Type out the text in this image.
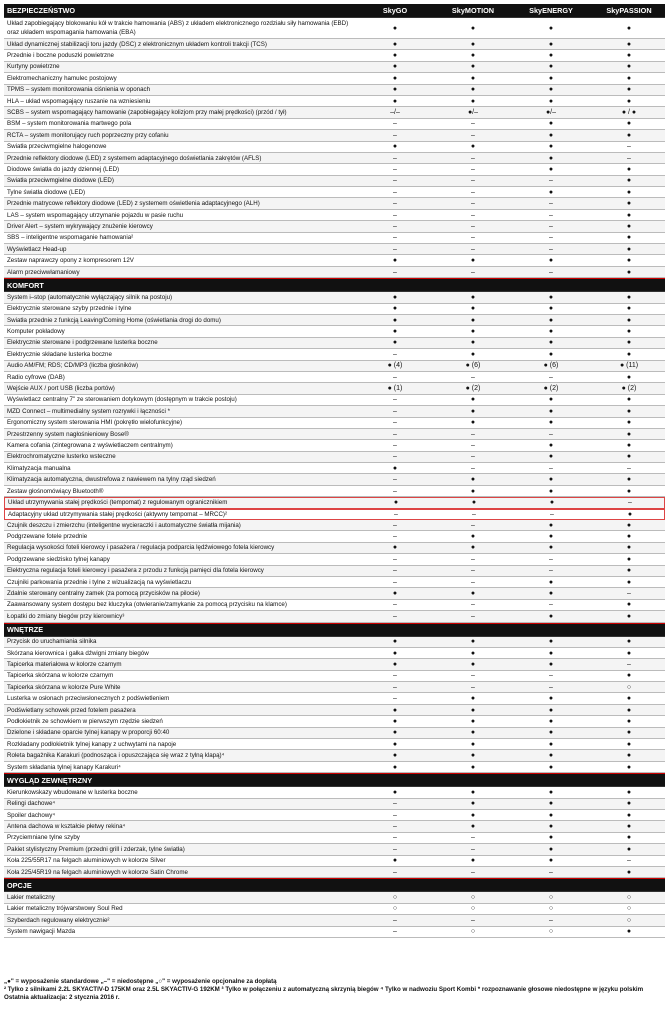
BEZPIECZEŃSTWO	SkyGO	SkyMOTION	SkyENERGY	SkyPASSION
Układ zapobiegający blokowaniu kół w trakcie hamowania (ABS) z układem elektronicznego rozdziału siły hamowania (EBD) oraz układem wspomagania hamowania (EBA)
●	●	●	●
Układ dynamicznej stabilizacji toru jazdy (DSC) z elektronicznym układem kontroli trakcji (TCS)	●	●	●	●
Przednie i boczne poduszki powietrzne	●	●	●	●
Kurtyny powietrzne	●	●	●	●
Elektromechaniczny hamulec postojowy	●	●	●	●
TPMS – system monitorowania ciśnienia w oponach	●	●	●	●
HLA – układ wspomagający ruszanie na wzniesieniu	●	●	●	●
SCBS – system wspomagający hamowanie (zapobiegający kolizjom przy małej prędkości) (przód / tył)	–/–	●/–	●/–	● / ●
BSM – system monitorowania martwego pola	–	–	●	●
RCTA – system monitorujący ruch poprzeczny przy cofaniu	–	–	●	●
Światła przeciwmgielne halogenowe	●	●	●	–
Przednie reflektory diodowe (LED) z systemem adaptacyjnego doświetlania zakrętów (AFLS)	–	–	●	–
Diodowe światła do jazdy dziennej (LED)	–	–	●	●
Światła przeciwmgielne diodowe (LED)	–	–	–	●
Tylne światła diodowe (LED)	–	–	●	●
Przednie matrycowe reflektory diodowe (LED) z systemem oświetlenia adaptacyjnego (ALH)	–	–	–	●
LAS – system wspomagający utrzymanie pojazdu w pasie ruchu	–	–	–	●
Driver Alert – system wykrywający znużenie kierowcy	–	–	–	●
SBS – inteligentne wspomaganie hamowania²	–	–	–	●
Wyświetlacz Head-up	–	–	–	●
Zestaw naprawczy opony z kompresorem 12V	●	●	●	●
Alarm przeciwwłamaniowy	–	–	–	●
KOMFORT
System i–stop (automatycznie wyłączający silnik na postoju)	●	●	●	●
Elektrycznie sterowane szyby przednie i tylne	●	●	●	●
Światła przednie z funkcją Leaving/Coming Home (oświetlania drogi do domu)	●	●	●	●
Komputer pokładowy	●	●	●	●
Elektrycznie sterowane i podgrzewane lusterka boczne	●	●	●	●
Elektrycznie składane lusterka boczne	–	●	●	●
Audio AM/FM; RDS; CD/MP3 (liczba głośników)	● (4)	● (6)	● (6)	● (11)
Radio cyfrowe (DAB)	–	–	–	●
Wejście AUX / port USB (liczba portów)	● (1)	● (2)	● (2)	● (2)
Wyświetlacz centralny 7" ze sterowaniem dotykowym (dostępnym w trakcie postoju)	–	●	●	●
MZD Connect – multimedialny system rozrywki i łączności *	–	●	●	●
Ergonomiczny system sterowania HMI (pokrętło wielofunkcyjne)	–	●	●	●
Przestrzenny system nagłośnieniowy Bose®	–	–	–	●
Kamera cofania (zintegrowana z wyświetlaczem centralnym)	–	–	●	●
Elektrochromatyczne lusterko wsteczne	–	–	●	●
Klimatyzacja manualna	●	–	–	–
Klimatyzacja automatyczna, dwustrefowa z nawiewem na tylny rząd siedzeń	–	●	●	●
Zestaw głośnomówiący Bluetooth®	–	●	●	●
Układ utrzymywania stałej prędkości (tempomat) z regulowanym ogranicznikiem	●	●	●	–
Adaptacyjny układ utrzymywania stałej prędkości (aktywny tempomat – MRCC)²	–	–	–	●
Czujnik deszczu i zmierzchu (inteligentne wycieraczki i automatyczne światła mijania)	–	–	●	●
Podgrzewane fotele przednie	–	●	●	●
Regulacja wysokości foteli kierowcy i pasażera / regulacja podparcia lędźwiowego fotela kierowcy	●	●	●	●
Podgrzewane siedzisko tylnej kanapy	–	–	–	●
Elektryczna regulacja foteli kierowcy i pasażera z przodu z funkcją pamięci dla fotela kierowcy	–	–	–	●
Czujniki parkowania przednie i tylne z wizualizacją na wyświetlaczu	–	–	●	●
Zdalnie sterowany centralny zamek (za pomocą przycisków na pilocie)	●	●	●	–
Zaawansowany system dostępu bez kluczyka (otwieranie/zamykanie za pomocą przycisku na klamce)	–	–	–	●
Łopatki do zmiany biegów przy kierownicy³	–	–	●	●
WNĘTRZE
Przycisk do uruchamiania silnika	●	●	●	●
Skórzana kierownica i gałka dźwigni zmiany biegów	●	●	●	●
Tapicerka materiałowa w kolorze czarnym	●	●	●	–
Tapicerka skórzana w kolorze czarnym	–	–	–	●
Tapicerka skórzana w kolorze Pure White	–	–	–	○
Lusterka w osłonach przeciwsłonecznych z podświetleniem	–	●	●	●
Podświetlany schowek przed fotelem pasażera	●	●	●	●
Podłokietnik ze schowkiem w pierwszym rzędzie siedzeń	●	●	●	●
Dzielone i składane oparcie tylnej kanapy w proporcji 60:40	●	●	●	●
Rozkładany podłokietnik tylnej kanapy z uchwytami na napoje	●	●	●	●
Roleta bagażnika Karakuri (podnosząca i opuszczająca się wraz z tylną klapą)⁴	●	●	●	●
System składania tylnej kanapy Karakuri⁴	●	●	●	●
WYGLĄD ZEWNĘTRZNY
Kierunkowskazy wbudowane w lusterka boczne	●	●	●	●
Relingi dachowe⁴	–	●	●	●
Spoiler dachowy⁴	–	●	●	●
Antena dachowa w kształcie płetwy rekina⁴	–	●	●	●
Przyciemniane tylne szyby	–	–	●	●
Pakiet stylistyczny Premium (przedni grill i zderzak, tylne światła)	–	–	●	●
Koła 225/55R17 na felgach aluminiowych w kolorze Silver	●	●	●	–
Koła 225/45R19 na felgach aluminiowych w kolorze Satin Chrome	–	–	–	●
OPCJE
Lakier metaliczny	○	○	○	○
Lakier metaliczny trójwarstwowy Soul Red	○	○	○	○
Szyberdach regulowany elektrycznie²	–	–	–	○
System nawigacji Mazda	–	○	○	●
„●" = wyposażenie standardowe „–" = niedostępne „○" = wyposażenie opcjonalne za dopłatą
² Tylko z silnikami 2.2L SKYACTIV-D 175KM oraz 2.5L SKYACTIV-G 192KM ³ Tylko w połączeniu z automatyczną skrzynią biegów ⁴ Tylko w nadwoziu Sport Kombi * rozpoznawanie głosowe niedostępne w języku polskim
Ostatnia aktualizacja: 2 stycznia 2016 r.
